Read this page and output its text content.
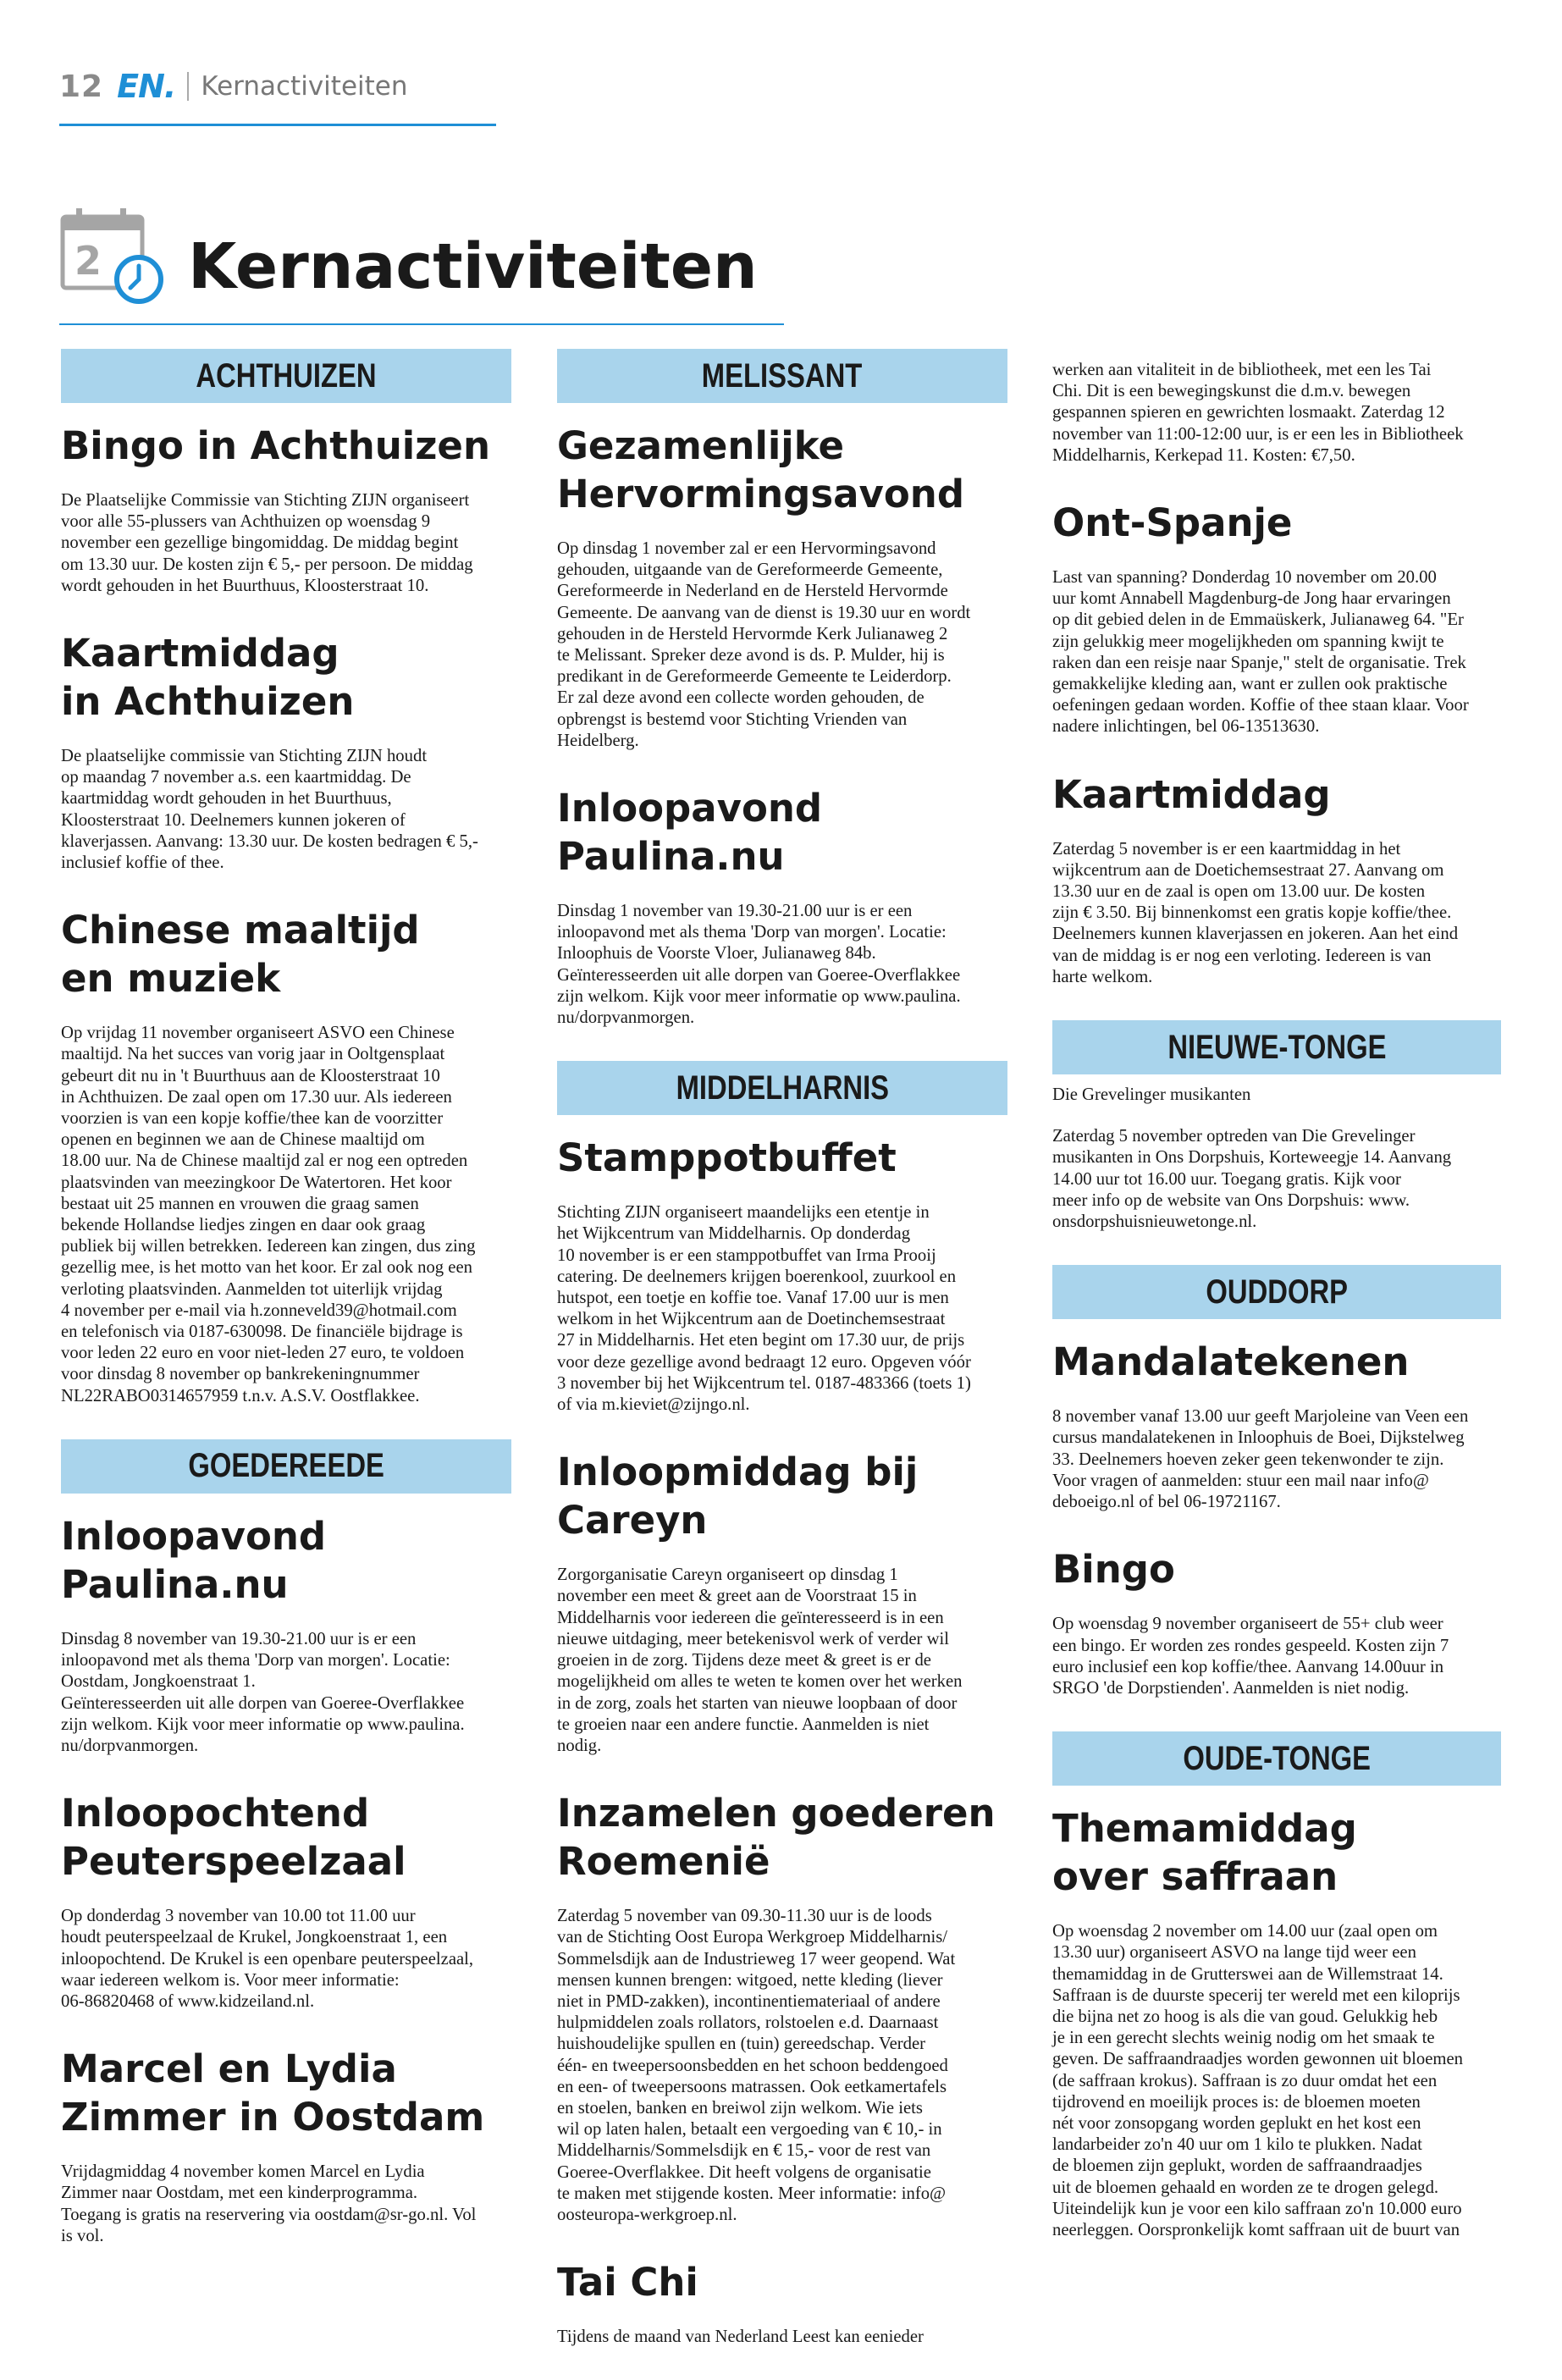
12 EN. Kernactiviteiten
2 Kernactiviteiten
ACHTHUIZEN
Bingo in Achthuizen
De Plaatselijke Commissie van Stichting ZIJN organiseert
voor alle 55-plussers van Achthuizen op woensdag 9
november een gezellige bingomiddag. De middag begint
om 13.30 uur. De kosten zijn € 5,- per persoon. De middag
wordt gehouden in het Buurthuus, Kloosterstraat 10.
Kaartmiddag
in Achthuizen
De plaatselijke commissie van Stichting ZIJN houdt
op maandag 7 november a.s. een kaartmiddag. De
kaartmiddag wordt gehouden in het Buurthuus,
Kloosterstraat 10. Deelnemers kunnen jokeren of
klaverjassen. Aanvang: 13.30 uur. De kosten bedragen € 5,-
inclusief koffie of thee.
Chinese maaltijd
en muziek
Op vrijdag 11 november organiseert ASVO een Chinese
maaltijd. Na het succes van vorig jaar in Ooltgensplaat
gebeurt dit nu in 't Buurthuus aan de Kloosterstraat 10
in Achthuizen. De zaal open om 17.30 uur. Als iedereen
voorzien is van een kopje koffie/thee kan de voorzitter
openen en beginnen we aan de Chinese maaltijd om
18.00 uur. Na de Chinese maaltijd zal er nog een optreden
plaatsvinden van meezingkoor De Watertoren. Het koor
bestaat uit 25 mannen en vrouwen die graag samen
bekende Hollandse liedjes zingen en daar ook graag
publiek bij willen betrekken. Iedereen kan zingen, dus zing
gezellig mee, is het motto van het koor. Er zal ook nog een
verloting plaatsvinden. Aanmelden tot uiterlijk vrijdag
4 november per e-mail via h.zonneveld39@hotmail.com
en telefonisch via 0187-630098. De financiële bijdrage is
voor leden 22 euro en voor niet-leden 27 euro, te voldoen
voor dinsdag 8 november op bankrekeningnummer
NL22RABO0314657959 t.n.v. A.S.V. Oostflakkee.
GOEDEREEDE
Inloopavond Paulina.nu
Dinsdag 8 november van 19.30-21.00 uur is er een
inloopavond met als thema 'Dorp van morgen'. Locatie:
Oostdam, Jongkoenstraat 1.
Geïnteresseerden uit alle dorpen van Goeree-Overflakkee
zijn welkom. Kijk voor meer informatie op www.paulina.
nu/dorpvanmorgen.
Inloopochtend
Peuterspeelzaal
Op donderdag 3 november van 10.00 tot 11.00 uur
houdt peuterspeelzaal de Krukel, Jongkoenstraat 1, een
inloopochtend. De Krukel is een openbare peuterspeelzaal,
waar iedereen welkom is. Voor meer informatie:
06-86820468 of www.kidzeiland.nl.
Marcel en Lydia
Zimmer in Oostdam
Vrijdagmiddag 4 november komen Marcel en Lydia
Zimmer naar Oostdam, met een kinderprogramma.
Toegang is gratis na reservering via oostdam@sr-go.nl. Vol
is vol.
MELISSANT
Gezamenlijke
Hervormingsavond
Op dinsdag 1 november zal er een Hervormingsavond
gehouden, uitgaande van de Gereformeerde Gemeente,
Gereformeerde in Nederland en de Hersteld Hervormde
Gemeente. De aanvang van de dienst is 19.30 uur en wordt
gehouden in de Hersteld Hervormde Kerk Julianaweg 2
te Melissant. Spreker deze avond is ds. P. Mulder, hij is
predikant in de Gereformeerde Gemeente te Leiderdorp.
Er zal deze avond een collecte worden gehouden, de
opbrengst is bestemd voor Stichting Vrienden van
Heidelberg.
Inloopavond Paulina.nu
Dinsdag 1 november van 19.30-21.00 uur is er een
inloopavond met als thema 'Dorp van morgen'. Locatie:
Inloophuis de Voorste Vloer, Julianaweg 84b.
Geïnteresseerden uit alle dorpen van Goeree-Overflakkee
zijn welkom. Kijk voor meer informatie op www.paulina.
nu/dorpvanmorgen.
MIDDELHARNIS
Stamppotbuffet
Stichting ZIJN organiseert maandelijks een etentje in
het Wijkcentrum van Middelharnis. Op donderdag
10 november is er een stamppotbuffet van Irma Prooij
catering. De deelnemers krijgen boerenkool, zuurkool en
hutspot, een toetje en koffie toe. Vanaf 17.00 uur is men
welkom in het Wijkcentrum aan de Doetinchemsestraat
27 in Middelharnis. Het eten begint om 17.30 uur, de prijs
voor deze gezellige avond bedraagt 12 euro. Opgeven vóór
3 november bij het Wijkcentrum tel. 0187-483366 (toets 1)
of via m.kieviet@zijngo.nl.
Inloopmiddag bij Careyn
Zorgorganisatie Careyn organiseert op dinsdag 1
november een meet & greet aan de Voorstraat 15 in
Middelharnis voor iedereen die geïnteresseerd is in een
nieuwe uitdaging, meer betekenisvol werk of verder wil
groeien in de zorg. Tijdens deze meet & greet is er de
mogelijkheid om alles te weten te komen over het werken
in de zorg, zoals het starten van nieuwe loopbaan of door
te groeien naar een andere functie. Aanmelden is niet
nodig.
Inzamelen goederen
Roemenië
Zaterdag 5 november van 09.30-11.30 uur is de loods
van de Stichting Oost Europa Werkgroep Middelharnis/
Sommelsdijk aan de Industrieweg 17 weer geopend. Wat
mensen kunnen brengen: witgoed, nette kleding (liever
niet in PMD-zakken), incontinentiemateriaal of andere
hulpmiddelen zoals rollators, rolstoelen e.d. Daarnaast
huishoudelijke spullen en (tuin) gereedschap. Verder
één- en tweepersoonsbedden en het schoon beddengoed
en een- of tweepersoons matrassen. Ook eetkamertafels
en stoelen, banken en breiwol zijn welkom. Wie iets
wil op laten halen, betaalt een vergoeding van € 10,- in
Middelharnis/Sommelsdijk en € 15,- voor de rest van
Goeree-Overflakkee. Dit heeft volgens de organisatie
te maken met stijgende kosten. Meer informatie: info@
oosteuropa-werkgroep.nl.
Tai Chi
Tijdens de maand van Nederland Leest kan eenieder
werken aan vitaliteit in de bibliotheek, met een les Tai
Chi. Dit is een bewegingskunst die d.m.v. bewegen
gespannen spieren en gewrichten losmaakt. Zaterdag 12
november van 11:00-12:00 uur, is er een les in Bibliotheek
Middelharnis, Kerkepad 11. Kosten: €7,50.
Ont-Spanje
Last van spanning? Donderdag 10 november om 20.00
uur komt Annabell Magdenburg-de Jong haar ervaringen
op dit gebied delen in de Emmaüskerk, Julianaweg 64. "Er
zijn gelukkig meer mogelijkheden om spanning kwijt te
raken dan een reisje naar Spanje," stelt de organisatie. Trek
gemakkelijke kleding aan, want er zullen ook praktische
oefeningen gedaan worden. Koffie of thee staan klaar. Voor
nadere inlichtingen, bel 06-13513630.
Kaartmiddag
Zaterdag 5 november is er een kaartmiddag in het
wijkcentrum aan de Doetichemsestraat 27. Aanvang om
13.30 uur en de zaal is open om 13.00 uur. De kosten
zijn € 3.50. Bij binnenkomst een gratis kopje koffie/thee.
Deelnemers kunnen klaverjassen en jokeren. Aan het eind
van de middag is er nog een verloting. Iedereen is van
harte welkom.
NIEUWE-TONGE
Die Grevelinger musikanten
Zaterdag 5 november optreden van Die Grevelinger
musikanten in Ons Dorpshuis, Korteweegje 14. Aanvang
14.00 uur tot 16.00 uur. Toegang gratis. Kijk voor
meer info op de website van Ons Dorpshuis: www.
onsdorpshuisnieuwetonge.nl.
OUDDORP
Mandalatekenen
8 november vanaf 13.00 uur geeft Marjoleine van Veen een
cursus mandalatekenen in Inloophuis de Boei, Dijkstelweg
33. Deelnemers hoeven zeker geen tekenwonder te zijn.
Voor vragen of aanmelden: stuur een mail naar info@
deboeigo.nl of bel 06-19721167.
Bingo
Op woensdag 9 november organiseert de 55+ club weer
een bingo. Er worden zes rondes gespeeld. Kosten zijn 7
euro inclusief een kop koffie/thee. Aanvang 14.00uur in
SRGO 'de Dorpstienden'. Aanmelden is niet nodig.
OUDE-TONGE
Themamiddag
over saffraan
Op woensdag 2 november om 14.00 uur (zaal open om
13.30 uur) organiseert ASVO na lange tijd weer een
themamiddag in de Grutterswei aan de Willemstraat 14.
Saffraan is de duurste specerij ter wereld met een kiloprijs
die bijna net zo hoog is als die van goud. Gelukkig heb
je in een gerecht slechts weinig nodig om het smaak te
geven. De saffraandraadjes worden gewonnen uit bloemen
(de saffraan krokus). Saffraan is zo duur omdat het een
tijdrovend en moeilijk proces is: de bloemen moeten
nét voor zonsopgang worden geplukt en het kost een
landarbeider zo'n 40 uur om 1 kilo te plukken. Nadat
de bloemen zijn geplukt, worden de saffraandraadjes
uit de bloemen gehaald en worden ze te drogen gelegd.
Uiteindelijk kun je voor een kilo saffraan zo'n 10.000 euro
neerleggen. Oorspronkelijk komt saffraan uit de buurt van
